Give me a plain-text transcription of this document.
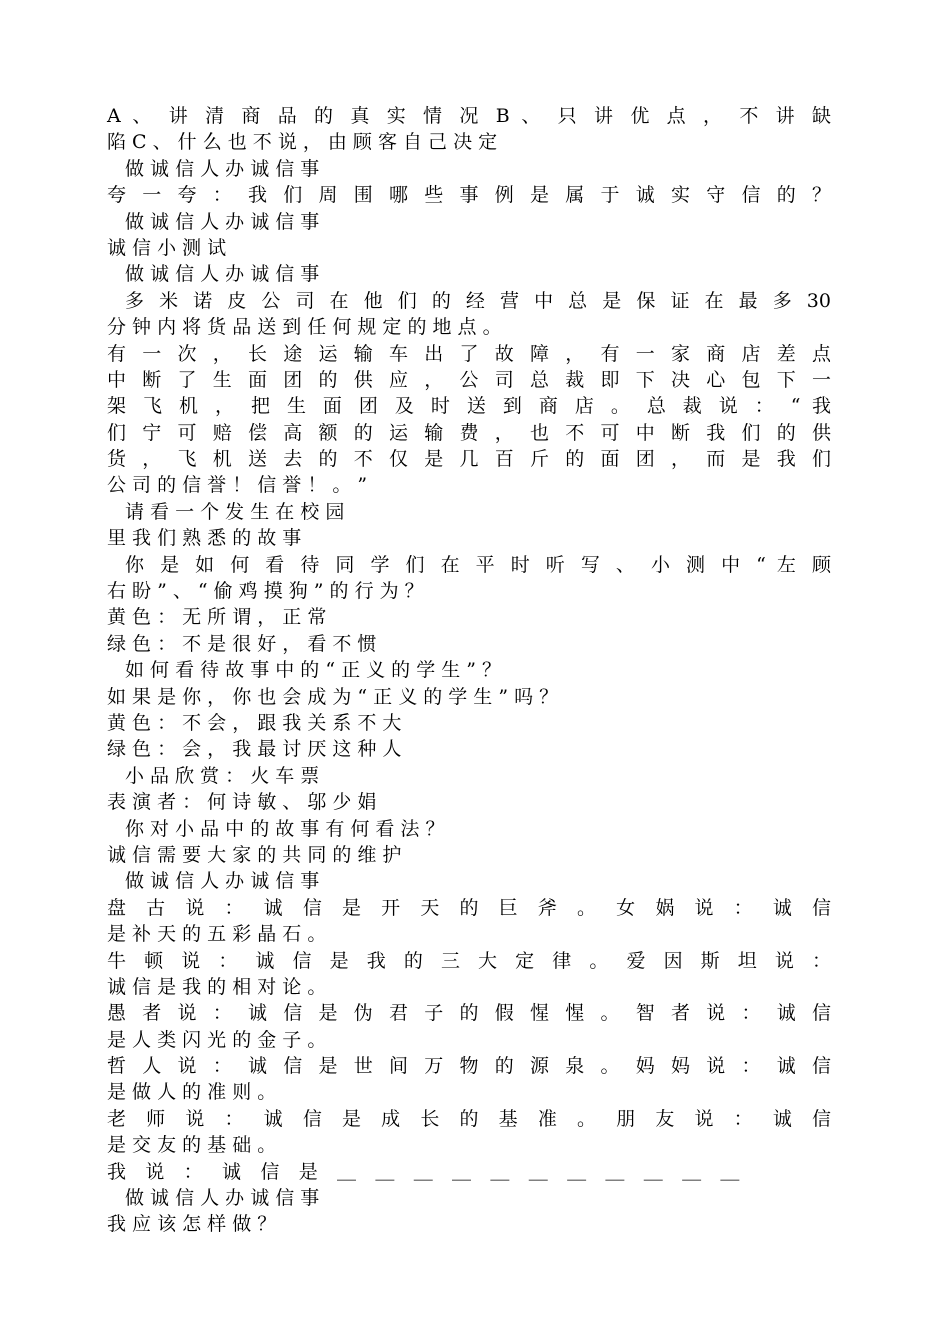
A 、 讲 清 商 品 的 真 实 情 况 B 、 只 讲 优 点 ， 不 讲 缺
陷 C 、 什 么 也 不 说 ， 由 顾 客 自 己 决 定
做 诚 信 人 办 诚 信 事
夸 一 夸 ： 我 们 周 围 哪 些 事 例 是 属 于 诚 实 守 信 的 ？
做 诚 信 人 办 诚 信 事
诚 信 小 测 试
做 诚 信 人 办 诚 信 事
多 米 诺 皮 公 司 在 他 们 的 经 营 中 总 是 保 证 在 最 多 30
分 钟 内 将 货 品 送 到 任 何 规 定 的 地 点 。
有 一 次 ， 长 途 运 输 车 出 了 故 障 ， 有 一 家 商 店 差 点
中 断 了 生 面 团 的 供 应 ， 公 司 总 裁 即 下 决 心 包 下 一
架 飞 机 ， 把 生 面 团 及 时 送 到 商 店 。 总 裁 说 ： “ 我
们 宁 可 赔 偿 高 额 的 运 输 费 ， 也 不 可 中 断 我 们 的 供
货 ， 飞 机 送 去 的 不 仅 是 几 百 斤 的 面 团 ， 而 是 我 们
公 司 的 信 誉 ！ 信 誉 ！ 。 ”
请 看 一 个 发 生 在 校 园
里 我 们 熟 悉 的 故 事
你 是 如 何 看 待 同 学 们 在 平 时 听 写 、 小 测 中 “ 左 顾
右 盼 ” 、 “ 偷 鸡 摸 狗 ” 的 行 为 ？
黄 色 ： 无 所 谓 ， 正 常
绿 色 ： 不 是 很 好 ， 看 不 惯
如 何 看 待 故 事 中 的 “ 正 义 的 学 生 ” ？
如 果 是 你 ， 你 也 会 成 为 “ 正 义 的 学 生 ” 吗 ？
黄 色 ： 不 会 ， 跟 我 关 系 不 大
绿 色 ： 会 ， 我 最 讨 厌 这 种 人
小 品 欣 赏 ： 火 车 票
表 演 者 ： 何 诗 敏 、 邬 少 娟
你 对 小 品 中 的 故 事 有 何 看 法 ？
诚 信 需 要 大 家 的 共 同 的 维 护
做 诚 信 人 办 诚 信 事
盘 古 说 ： 诚 信 是 开 天 的 巨 斧 。 女 娲 说 ： 诚 信
是 补 天 的 五 彩 晶 石 。
牛 顿 说 ： 诚 信 是 我 的 三 大 定 律 。 爱 因 斯 坦 说 ：
诚 信 是 我 的 相 对 论 。
愚 者 说 ： 诚 信 是 伪 君 子 的 假 惺 惺 。 智 者 说 ： 诚 信
是 人 类 闪 光 的 金 子 。
哲 人 说 ： 诚 信 是 世 间 万 物 的 源 泉 。 妈 妈 说 ： 诚 信
是 做 人 的 准 则 。
老 师 说 ： 诚 信 是 成 长 的 基 准 。 朋 友 说 ： 诚 信
是 交 友 的 基 础 。
我 说 ： 诚 信 是 ＿ ＿ ＿ ＿ ＿ ＿ ＿ ＿ ＿ ＿ ＿
做 诚 信 人 办 诚 信 事
我 应 该 怎 样 做 ？
